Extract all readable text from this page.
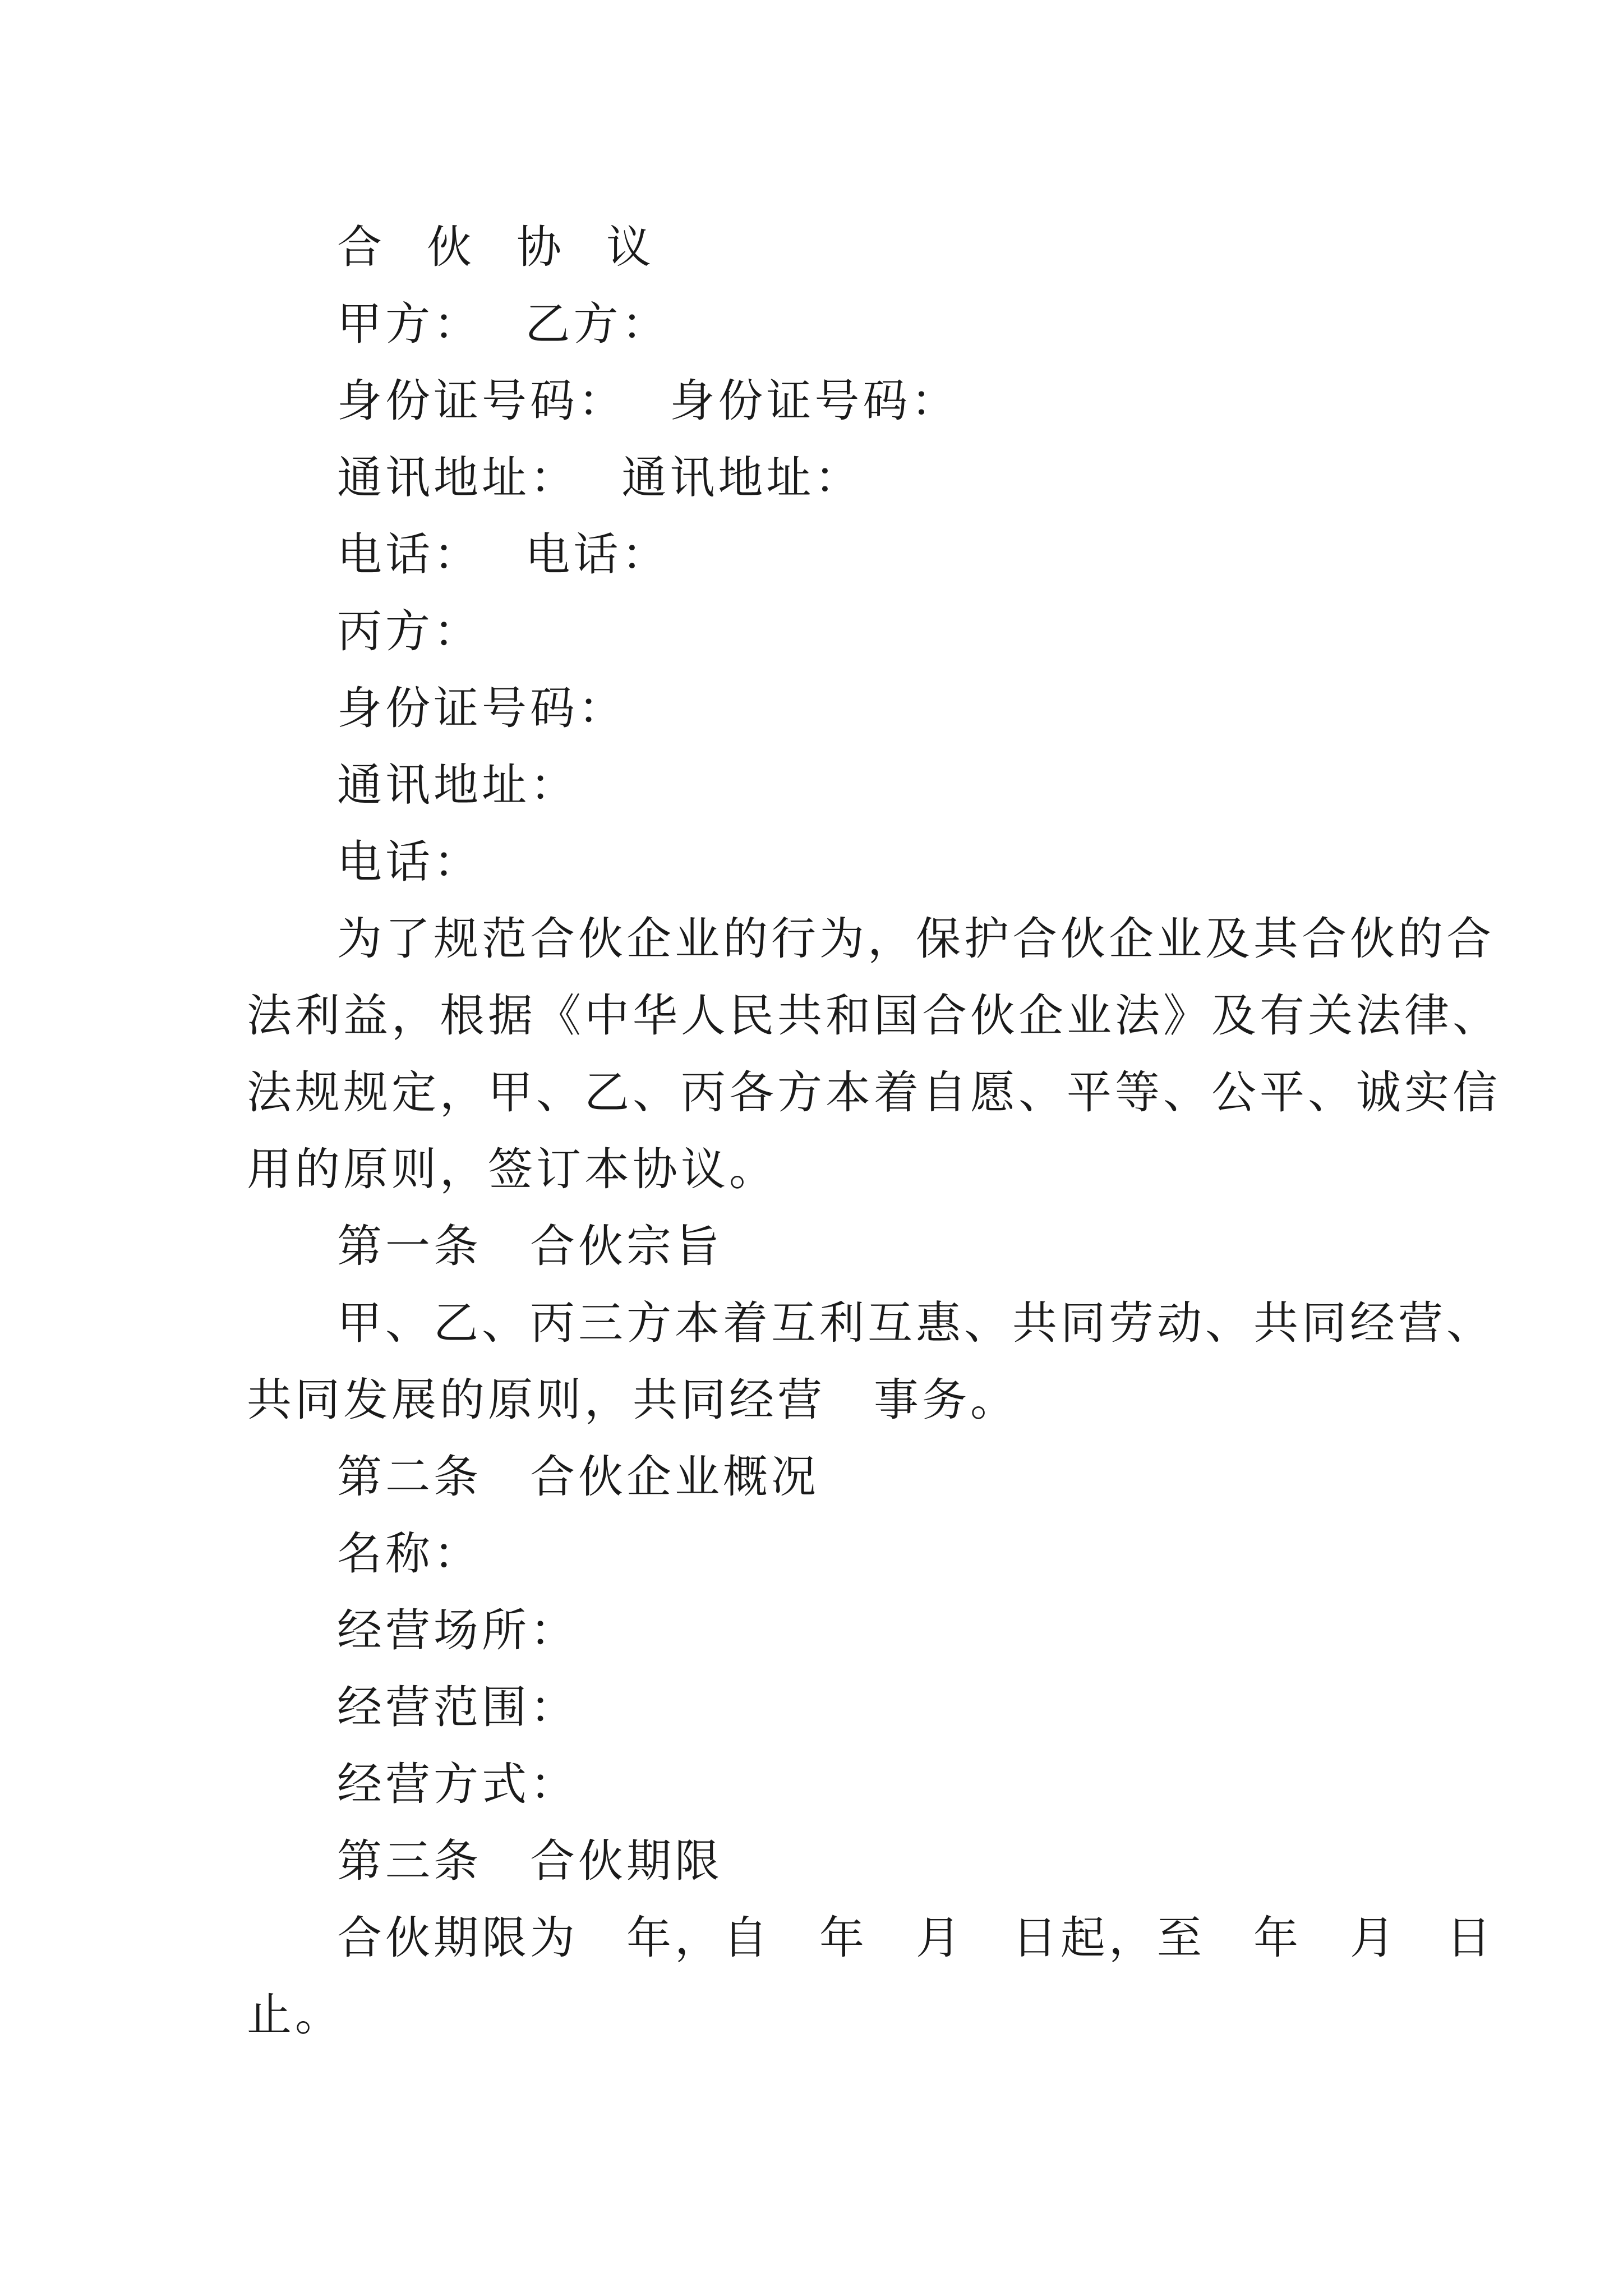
合　伙　协　议
甲方：　 乙方：
身份证号码：　 身份证号码：
通讯地址：　 通讯地址：
电话：　 电话：
丙方：
身份证号码：
通讯地址：
电话：
为了规范合伙企业的行为，保护合伙企业及其合伙的合
法利益，根据《中华人民共和国合伙企业法》及有关法律、
法规规定，甲、乙、丙各方本着自愿、平等、公平、诚实信
用的原则，签订本协议。
第一条　合伙宗旨
甲、乙、丙三方本着互利互惠、共同劳动、共同经营、
共同发展的原则，共同经营　事务。
第二条　合伙企业概况
名称：
经营场所：
经营范围：
经营方式：
第三条　合伙期限
合伙期限为　年，自　年　月　日起，至　年　月　日
止。
